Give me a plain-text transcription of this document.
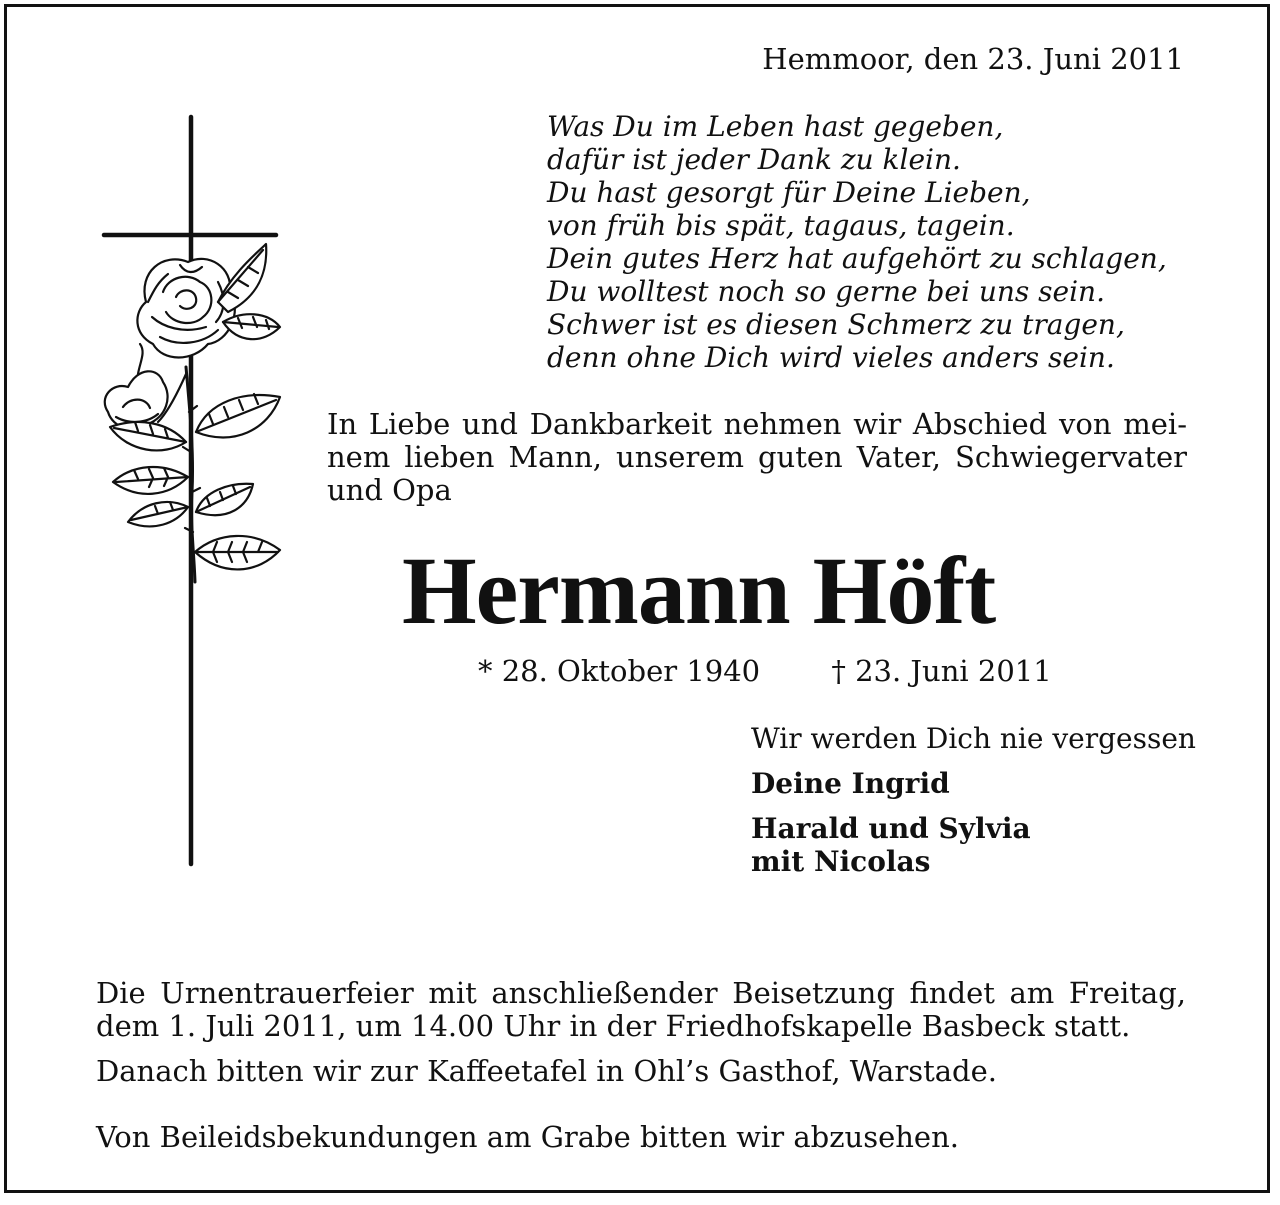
Hemmoor, den 23. Juni 2011
Was Du im Leben hast gegeben,
dafür ist jeder Dank zu klein.
Du hast gesorgt für Deine Lieben,
von früh bis spät, tagaus, tagein.
Dein gutes Herz hat aufgehört zu schlagen,
Du wolltest noch so gerne bei uns sein.
Schwer ist es diesen Schmerz zu tragen,
denn ohne Dich wird vieles anders sein.
In Liebe und Dankbarkeit nehmen wir Abschied von mei-
nem lieben Mann, unserem guten Vater, Schwiegervater
und Opa
Hermann Höft
* 28. Oktober 1940 † 23. Juni 2011
Wir werden Dich nie vergessen
Deine Ingrid
Harald und Sylvia
mit Nicolas
Die Urnentrauerfeier mit anschließender Beisetzung findet am Freitag,
dem 1. Juli 2011, um 14.00 Uhr in der Friedhofskapelle Basbeck statt.
Danach bitten wir zur Kaffeetafel in Ohl’s Gasthof, Warstade.
Von Beileidsbekundungen am Grabe bitten wir abzusehen.
